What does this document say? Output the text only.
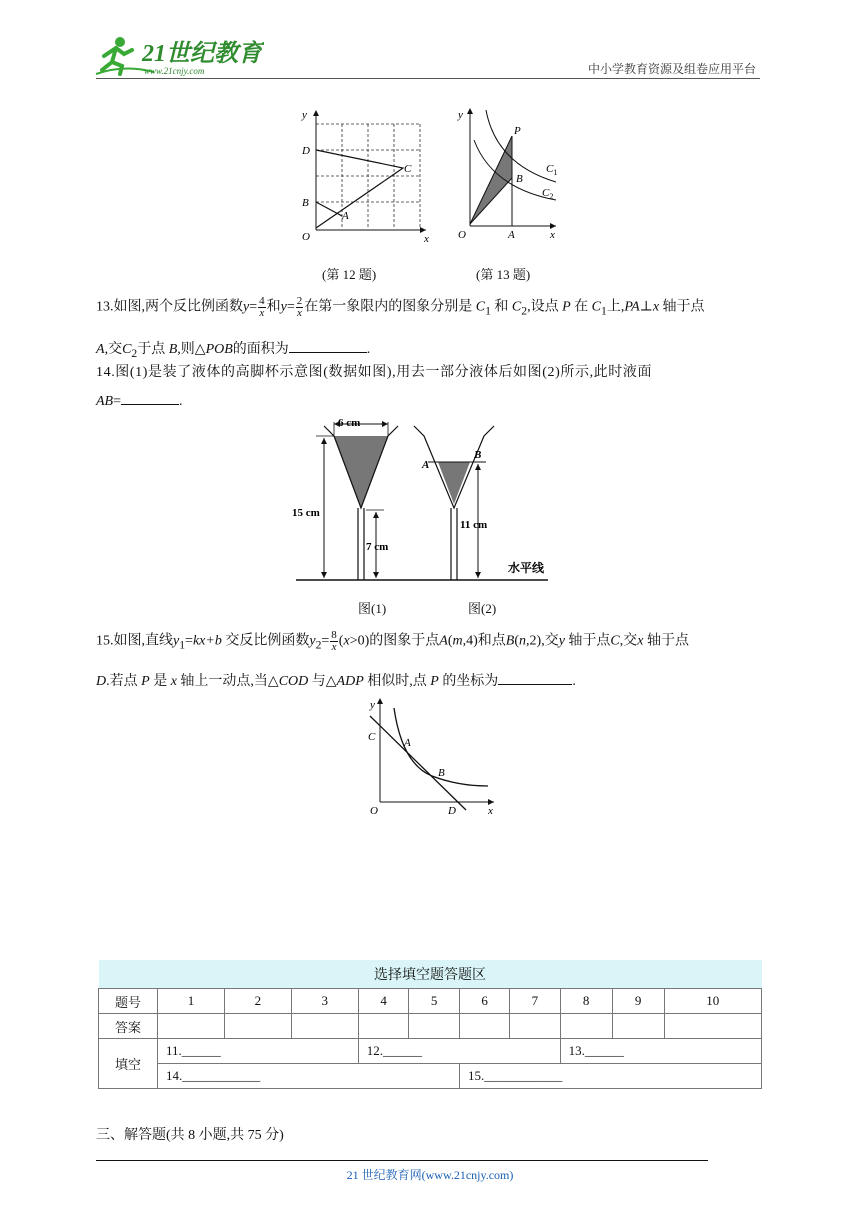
21世纪教育
www.21cnjy.com	中小学教育资源及组卷应用平台
y
x
O
D
B
A
C
y
x
O	A
P
B
$C_1$
$C_2$
(第 12 题)	(第 13 题)
13.如图,两个反比例函数$y= \frac{4}{x}$ 和$y= \frac{2}{x}$ 在第一象限内的图象分别是 $C_1$ 和 $C_2$,设点 P 在 $C_1$上,PA⊥x 轴于点
A,交$C_2$于点 B,则△POB的面积为	.
14.图(1)是装了液体的高脚杯示意图(数据如图),用去一部分液体后如图(2)所示,此时液面
AB=	.
6 cm
15 cm
7 cm
11 cm
A
B
水平线
图(1)	图(2)
15.如图,直线$y_1=kx+b$ 交反比例函数$y_2= \frac{8}{x} (x>0)$的图象于点A(m,4)和点B(n,2),交y 轴于点C,交x 轴于点
D.若点 P 是 x 轴上一动点,当△COD 与△ADP 相似时,点 P 的坐标为	.
y
x
O
C	A
B
D
选择填空题答题区										
题号	1	2	3	4	5	6	7	8	9	10
答案										
填空	11.______			12.______				13.______		
	14.____________					15.____________				
三、解答题(共 8 小题,共 75 分)
21 世纪教育网(www.21cnjy.com)
